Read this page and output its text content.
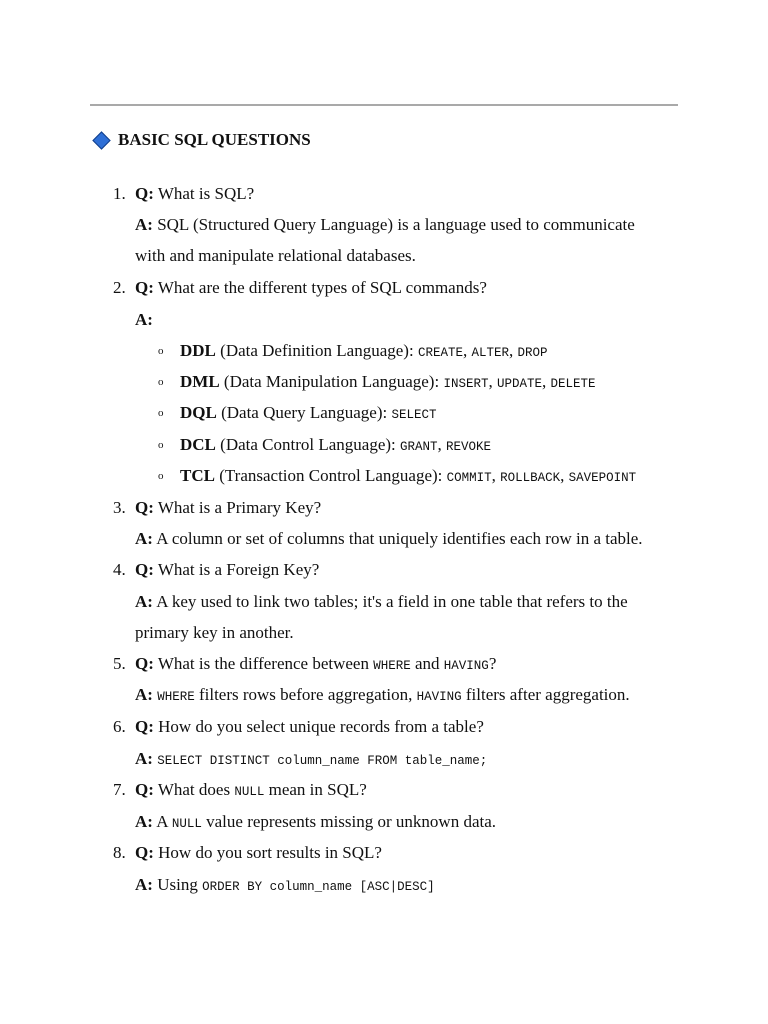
BASIC SQL QUESTIONS
1. Q: What is SQL?
A: SQL (Structured Query Language) is a language used to communicate
with and manipulate relational databases.
2. Q: What are the different types of SQL commands?
A:
o DDL (Data Definition Language): CREATE, ALTER, DROP
o DML (Data Manipulation Language): INSERT, UPDATE, DELETE
o DQL (Data Query Language): SELECT
o DCL (Data Control Language): GRANT, REVOKE
o TCL (Transaction Control Language): COMMIT, ROLLBACK, SAVEPOINT
3. Q: What is a Primary Key?
A: A column or set of columns that uniquely identifies each row in a table.
4. Q: What is a Foreign Key?
A: A key used to link two tables; it's a field in one table that refers to the
primary key in another.
5. Q: What is the difference between WHERE and HAVING?
A: WHERE filters rows before aggregation, HAVING filters after aggregation.
6. Q: How do you select unique records from a table?
A: SELECT DISTINCT column_name FROM table_name;
7. Q: What does NULL mean in SQL?
A: A NULL value represents missing or unknown data.
8. Q: How do you sort results in SQL?
A: Using ORDER BY column_name [ASC|DESC]
